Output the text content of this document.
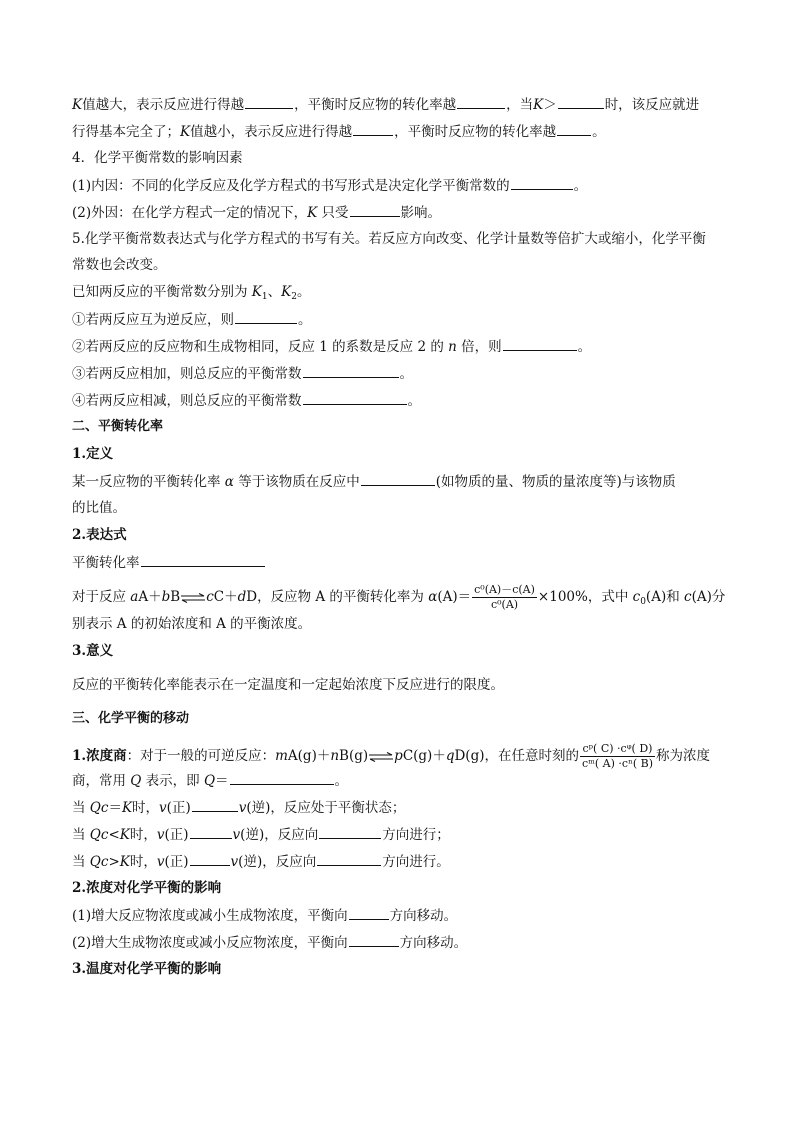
K值越大，表示反应进行得越	，平衡时反应物的转化率越	，当K＞	时，该反应就进
行得基本完全了；K值越小，表示反应进行得越	，平衡时反应物的转化率越	。
4．化学平衡常数的影响因素
(1)内因：不同的化学反应及化学方程式的书写形式是决定化学平衡常数的	。
(2)外因：在化学方程式一定的情况下，K 只受	影响。
5.化学平衡常数表达式与化学方程式的书写有关。若反应方向改变、化学计量数等倍扩大或缩小，化学平衡
常数也会改变。
已知两反应的平衡常数分别为 $K_1$、$K_2$。
①若两反应互为逆反应，则	。
②若两反应的反应物和生成物相同，反应 1 的系数是反应 2 的 n 倍，则	。
③若两反应相加，则总反应的平衡常数	。
④若两反应相减，则总反应的平衡常数	。
二、平衡转化率
1.定义
某一反应物的平衡转化率 α 等于该物质在反应中	(如物质的量、物质的量浓度等)与该物质
的比值。
2.表达式
平衡转化率
对于反应 aA＋bB⇌cC＋dD，反应物 A 的平衡转化率为 $\alpha(A)= \frac{\text{c⁰(A)－c(A)}}{\text{c⁰(A)}} \times 100\%$，式中 $c_0(A)$和 c(A)分
别表示 A 的初始浓度和 A 的平衡浓度。
3.意义
反应的平衡转化率能表示在一定温度和一定起始浓度下反应进行的限度。
三、化学平衡的移动
1.浓度商：对于一般的可逆反应：mA(g)＋nB(g)⇌pC(g)＋qD(g)，在任意时刻的 $\frac{\text{cᵖ( C) ·cᵠ( D)}}{\text{cᵐ( A) ·cⁿ( B)}}$ 称为浓度
商，常用 Q 表示，即 Q＝	。
当 Qc＝K时，v(正)	v(逆)，反应处于平衡状态；
当 Qc<K时，v(正)	v(逆)，反应向	方向进行；
当 Qc>K时，v(正)	v(逆)，反应向	方向进行。
2.浓度对化学平衡的影响
(1)增大反应物浓度或减小生成物浓度，平衡向	方向移动。
(2)增大生成物浓度或减小反应物浓度，平衡向	方向移动。
3.温度对化学平衡的影响
